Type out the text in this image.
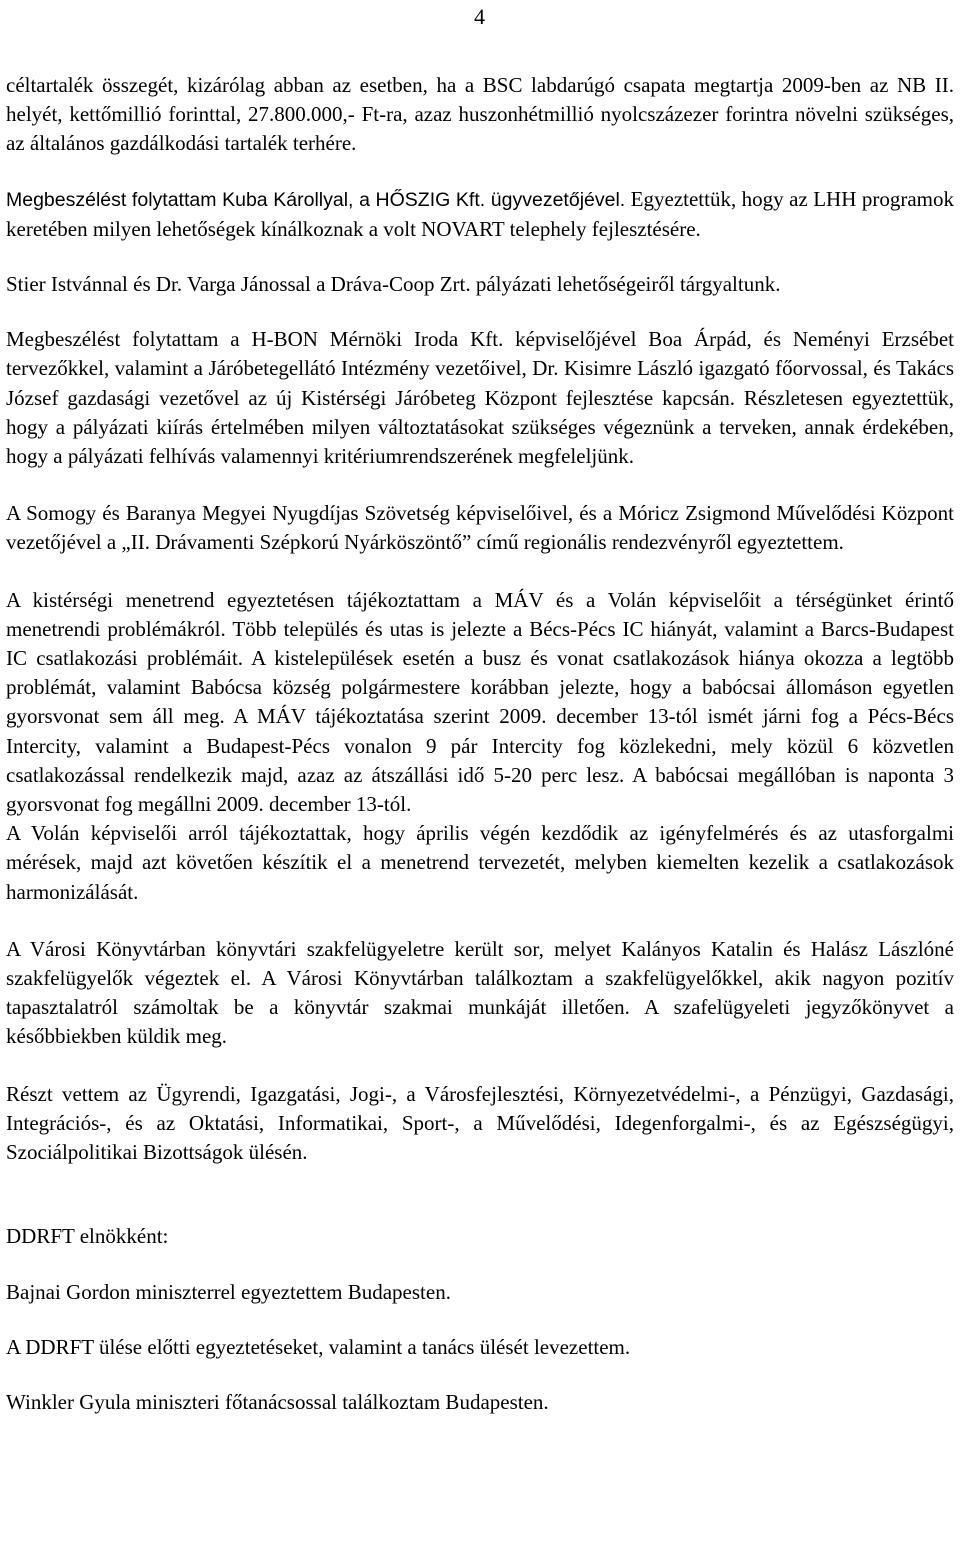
4

céltartalék összegét, kizárólag abban az esetben, ha a BSC labdarúgó csapata megtartja 2009-ben az NB II. helyét, kettőmillió forinttal, 27.800.000,- Ft-ra, azaz huszonhétmillió nyolcszázezer forintra növelni szükséges, az általános gazdálkodási tartalék terhére.

Megbeszélést folytattam Kuba Károllyal, a HŐSZIG Kft. ügyvezetőjével. Egyeztettük, hogy az LHH programok keretében milyen lehetőségek kínálkoznak a volt NOVART telephely fejlesztésére.

Stier Istvánnal és Dr. Varga Jánossal a Dráva-Coop Zrt. pályázati lehetőségeiről tárgyaltunk.

Megbeszélést folytattam a H-BON Mérnöki Iroda Kft. képviselőjével Boa Árpád, és Neményi Erzsébet tervezőkkel, valamint a Járóbetegellátó Intézmény vezetőivel, Dr. Kisimre László igazgató főorvossal, és Takács József gazdasági vezetővel az új Kistérségi Járóbeteg Központ fejlesztése kapcsán. Részletesen egyeztettük, hogy a pályázati kiírás értelmében milyen változtatásokat szükséges végeznünk a terveken, annak érdekében, hogy a pályázati felhívás valamennyi kritériumrendszerének megfeleljünk.

A Somogy és Baranya Megyei Nyugdíjas Szövetség képviselőivel, és a Móricz Zsigmond Művelődési Központ vezetőjével a „II. Drávamenti Szépkorú Nyárköszöntő” című regionális rendezvényről egyeztettem.

A kistérségi menetrend egyeztetésen tájékoztattam a MÁV és a Volán képviselőit a térségünket érintő menetrendi problémákról. Több település és utas is jelezte a Bécs-Pécs IC hiányát, valamint a Barcs-Budapest IC csatlakozási problémáit. A kistelepülések esetén a busz és vonat csatlakozások hiánya okozza a legtöbb problémát, valamint Babócsa község polgármestere korábban jelezte, hogy a babócsai állomáson egyetlen gyorsvonat sem áll meg. A MÁV tájékoztatása szerint 2009. december 13-tól ismét járni fog a Pécs-Bécs Intercity, valamint a Budapest-Pécs vonalon 9 pár Intercity fog közlekedni, mely közül 6 közvetlen csatlakozással rendelkezik majd, azaz az átszállási idő 5-20 perc lesz. A babócsai megállóban is naponta 3 gyorsvonat fog megállni 2009. december 13-tól.

A Volán képviselői arról tájékoztattak, hogy április végén kezdődik az igényfelmérés és az utasforgalmi mérések, majd azt követően készítik el a menetrend tervezetét, melyben kiemelten kezelik a csatlakozások harmonizálását.

A Városi Könyvtárban könyvtári szakfelügyeletre került sor, melyet Kalányos Katalin és Halász Lászlóné szakfelügyelők végeztek el. A Városi Könyvtárban találkoztam a szakfelügyelőkkel, akik nagyon pozitív tapasztalatról számoltak be a könyvtár szakmai munkáját illetően. A szafelügyeleti jegyzőkönyvet a későbbiekben küldik meg.

Részt vettem az Ügyrendi, Igazgatási, Jogi-, a Városfejlesztési, Környezetvédelmi-, a Pénzügyi, Gazdasági, Integrációs-, és az Oktatási, Informatikai, Sport-, a Művelődési, Idegenforgalmi-, és az Egészségügyi, Szociálpolitikai Bizottságok ülésén.

DDRFT elnökként:

Bajnai Gordon miniszterrel egyeztettem Budapesten.

A DDRFT ülése előtti egyeztetéseket, valamint a tanács ülését levezettem.

Winkler Gyula miniszteri főtanácsossal találkoztam Budapesten.
